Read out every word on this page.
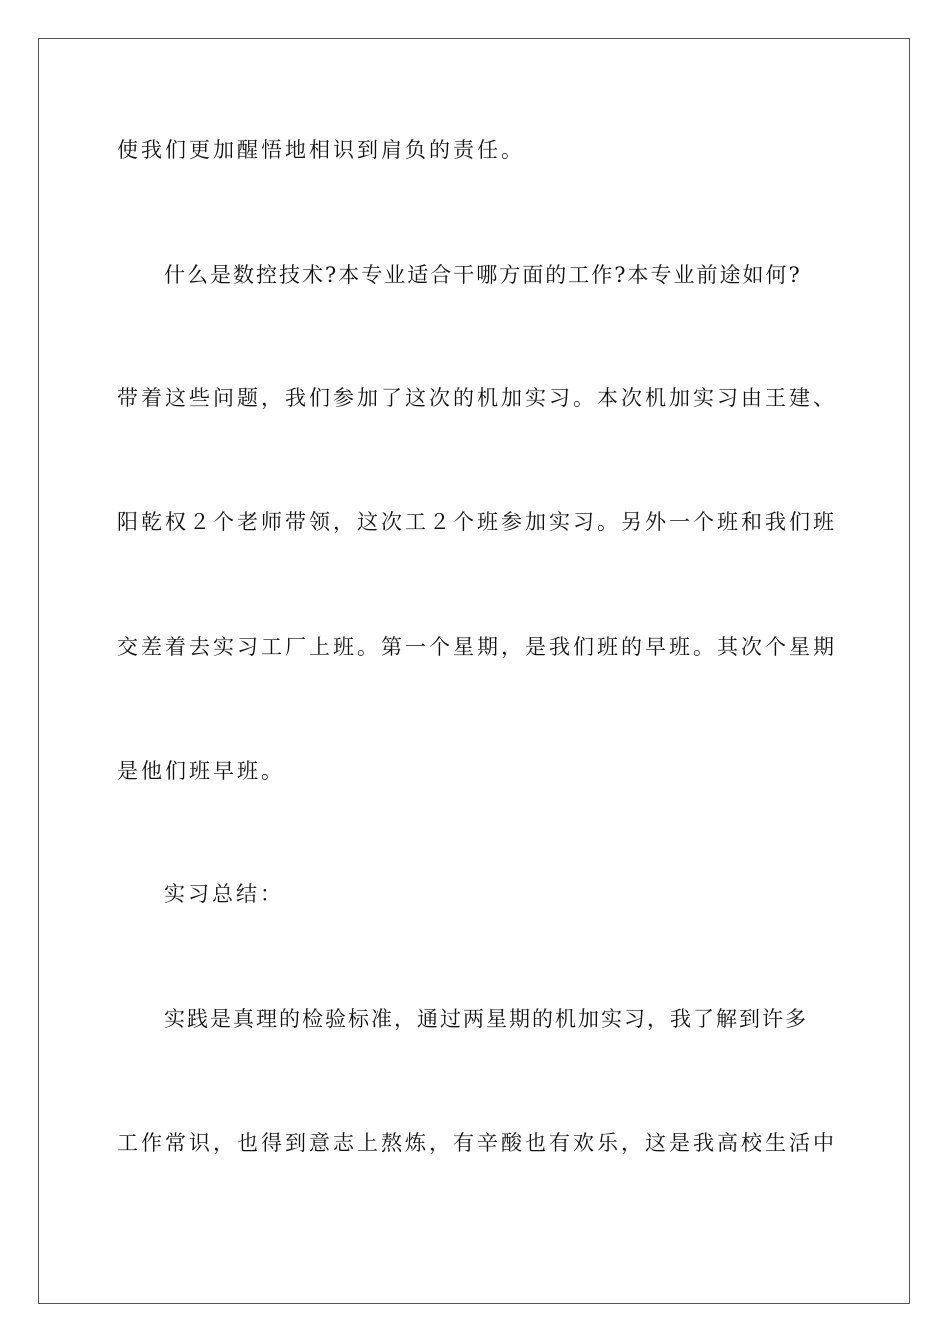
使我们更加醒悟地相识到肩负的责任。
什么是数控技术?本专业适合干哪方面的工作?本专业前途如何?
带着这些问题，我们参加了这次的机加实习。本次机加实习由王建、
阳乾权２个老师带领，这次工２个班参加实习。另外一个班和我们班
交差着去实习工厂上班。第一个星期，是我们班的早班。其次个星期
是他们班早班。
实习总结：
实践是真理的检验标准，通过两星期的机加实习，我了解到许多
工作常识，也得到意志上熬炼，有辛酸也有欢乐，这是我高校生活中
